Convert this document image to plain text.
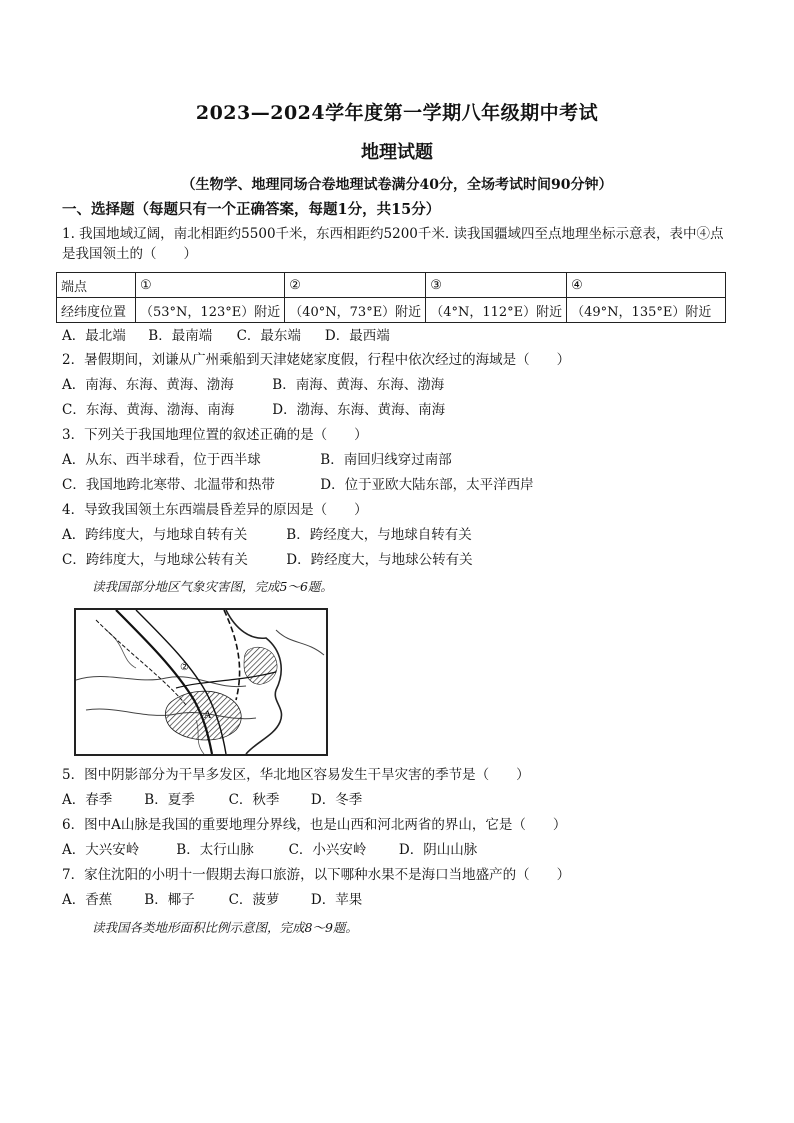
2023—2024学年度第一学期八年级期中考试
地理试题
（生物学、地理同场合卷地理试卷满分40分，全场考试时间90分钟）
一、选择题（每题只有一个正确答案，每题1分，共15分）
1. 我国地域辽阔，南北相距约5500千米，东西相距约5200千米. 读我国疆域四至点地理坐标示意表，表中④点是我国领土的（　　）
端点	①	②	③	④
经纬度位置	（53°N，123°E）附近	（40°N，73°E）附近	（4°N，112°E）附近	（49°N，135°E）附近
A．最北端 B．最南端 C．最东端 D．最西端
2．暑假期间，刘谦从广州乘船到天津姥姥家度假，行程中依次经过的海域是（　　）
A．南海、东海、黄海、渤海	B．南海、黄海、东海、渤海
C．东海、黄海、渤海、南海	D．渤海、东海、黄海、南海
3．下列关于我国地理位置的叙述正确的是（　　）
A．从东、西半球看，位于西半球	B．南回归线穿过南部
C．我国地跨北寒带、北温带和热带	D．位于亚欧大陆东部，太平洋西岸
4．导致我国领土东西端晨昏差异的原因是（　　）
A．跨纬度大，与地球自转有关	B．跨经度大，与地球自转有关
C．跨纬度大，与地球公转有关	D．跨经度大，与地球公转有关
读我国部分地区气象灾害图，完成5～6题。
A
②
5．图中阴影部分为干旱多发区，华北地区容易发生干旱灾害的季节是（　　）
A．春季 B．夏季	C．秋季 D．冬季
6．图中A山脉是我国的重要地理分界线，也是山西和河北两省的界山，它是（　　）
A．大兴安岭	B．太行山脉	C．小兴安岭 D．阴山山脉
7．家住沈阳的小明十一假期去海口旅游，以下哪种水果不是海口当地盛产的（　　）
A．香蕉 B．椰子	C．菠萝 D．苹果
读我国各类地形面积比例示意图，完成8～9题。
